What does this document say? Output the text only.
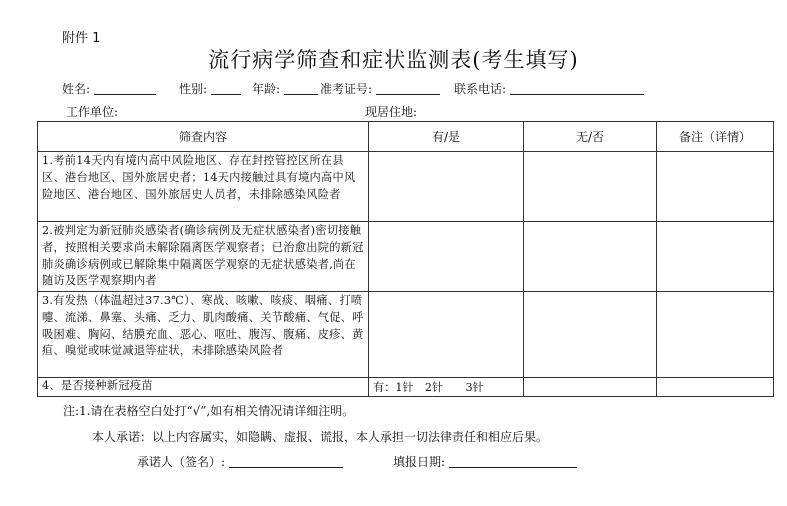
附件 1
流行病学筛查和症状监测表(考生填写)
姓名:	性别:	年龄:	准考证号:	联系电话:
工作单位:	现居住地:
筛查内容	有/是	无/否	备注（详情）
1.考前14天内有境内高中风险地区、存在封控管控区所在县区、港台地区、国外旅居史者；14天内接触过具有境内高中风险地区、港台地区、国外旅居史人员者，未排除感染风险者			
2.被判定为新冠肺炎感染者(确诊病例及无症状感染者)密切接触者，按照相关要求尚未解除隔离医学观察者；已治愈出院的新冠肺炎确诊病例或已解除集中隔离医学观察的无症状感染者,尚在随访及医学观察期内者			
3.有发热（体温超过37.3℃）、寒战、咳嗽、咳痰、咽痛、打喷嚏、流涕、鼻塞、头痛、乏力、肌肉酸痛、关节酸痛、气促、呼吸困难、胸闷、结膜充血、恶心、呕吐、腹泻、腹痛、皮疹、黄疸、嗅觉或味觉减退等症状，未排除感染风险者			
4、是否接种新冠疫苗	有：1针　2针　　3针		
注:1.请在表格空白处打“√”,如有相关情况请详细注明。
本人承诺：以上内容属实，如隐瞒、虚报、谎报，本人承担一切法律责任和相应后果。
承诺人（签名）:	填报日期:
